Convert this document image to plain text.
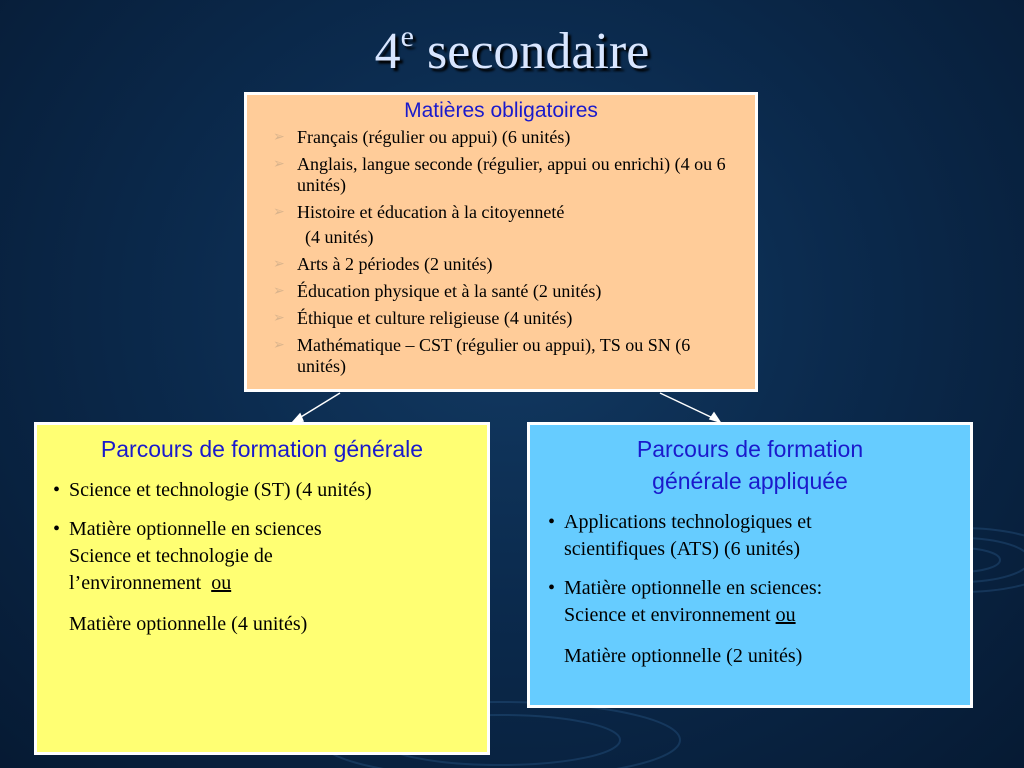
4e secondaire
Matières obligatoires
➢ Français (régulier ou appui) (6 unités)
➢ Anglais, langue seconde (régulier, appui ou enrichi) (4 ou 6 unités)
➢ Histoire et éducation à la citoyenneté
(4 unités)
➢ Arts à 2 périodes (2 unités)
➢ Éducation physique et à la santé (2 unités)
➢ Éthique et culture religieuse (4 unités)
➢ Mathématique – CST (régulier ou appui), TS ou SN (6 unités)
Parcours de formation générale
• Science et technologie (ST) (4 unités)
• Matière optionnelle en sciences
Science et technologie de
l’environnement ou
Matière optionnelle (4 unités)
Parcours de formation
générale appliquée
• Applications technologiques et
scientifiques (ATS) (6 unités)
• Matière optionnelle en sciences:
Science et environnement ou
Matière optionnelle (2 unités)
